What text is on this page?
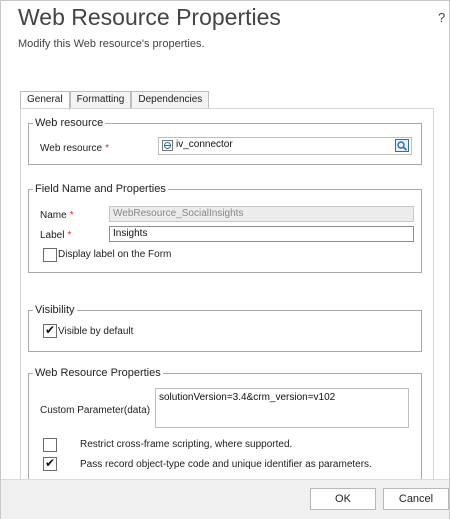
Web Resource Properties	?
Modify this Web resource's properties.
General	Formatting	Dependencies
Web resource
Web resource *	iv_connector
Field Name and Properties
Name *	WebResource_SocialInsights
Label *	Insights
Display label on the Form
Visibility
✔ Visible by default
Web Resource Properties
Custom Parameter(data)
solutionVersion=3.4&crm_version=v102
Restrict cross-frame scripting, where supported.
✔ Pass record object-type code and unique identifier as parameters.
OK	Cancel
